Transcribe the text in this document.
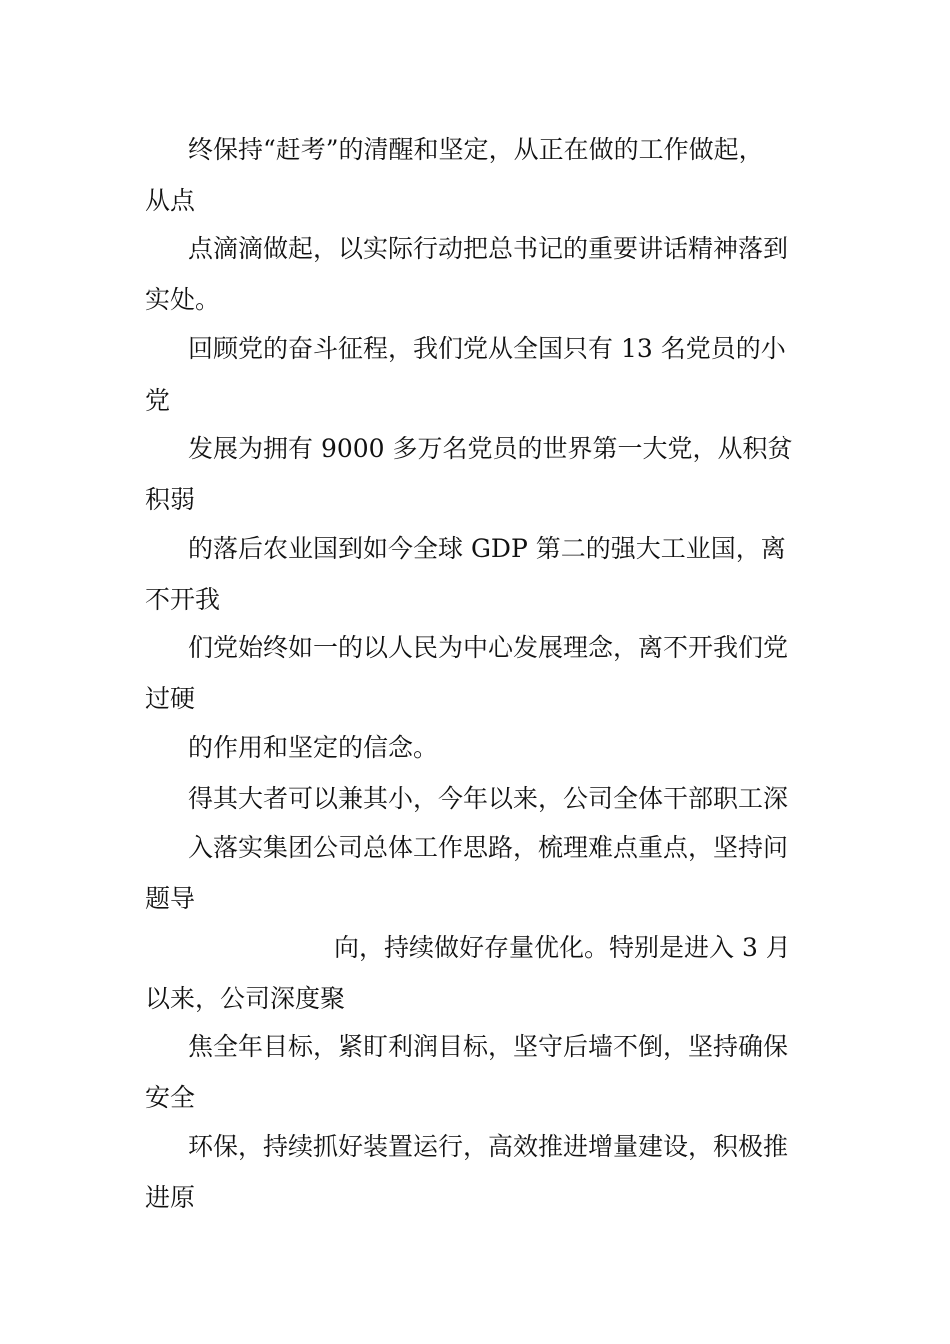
终保持“赶考”的清醒和坚定，从正在做的工作做起，
从点
点滴滴做起，以实际行动把总书记的重要讲话精神落到
实处。
回顾党的奋斗征程，我们党从全国只有 13 名党员的小
党
发展为拥有 9000 多万名党员的世界第一大党，从积贫
积弱
的落后农业国到如今全球 GDP 第二的强大工业国，离
不开我
们党始终如一的以人民为中心发展理念，离不开我们党
过硬
的作用和坚定的信念。
得其大者可以兼其小，今年以来，公司全体干部职工深
入落实集团公司总体工作思路，梳理难点重点，坚持问
题导
向，持续做好存量优化。特别是进入 3 月
以来，公司深度聚
焦全年目标，紧盯利润目标，坚守后墙不倒，坚持确保
安全
环保，持续抓好装置运行，高效推进增量建设，积极推
进原
